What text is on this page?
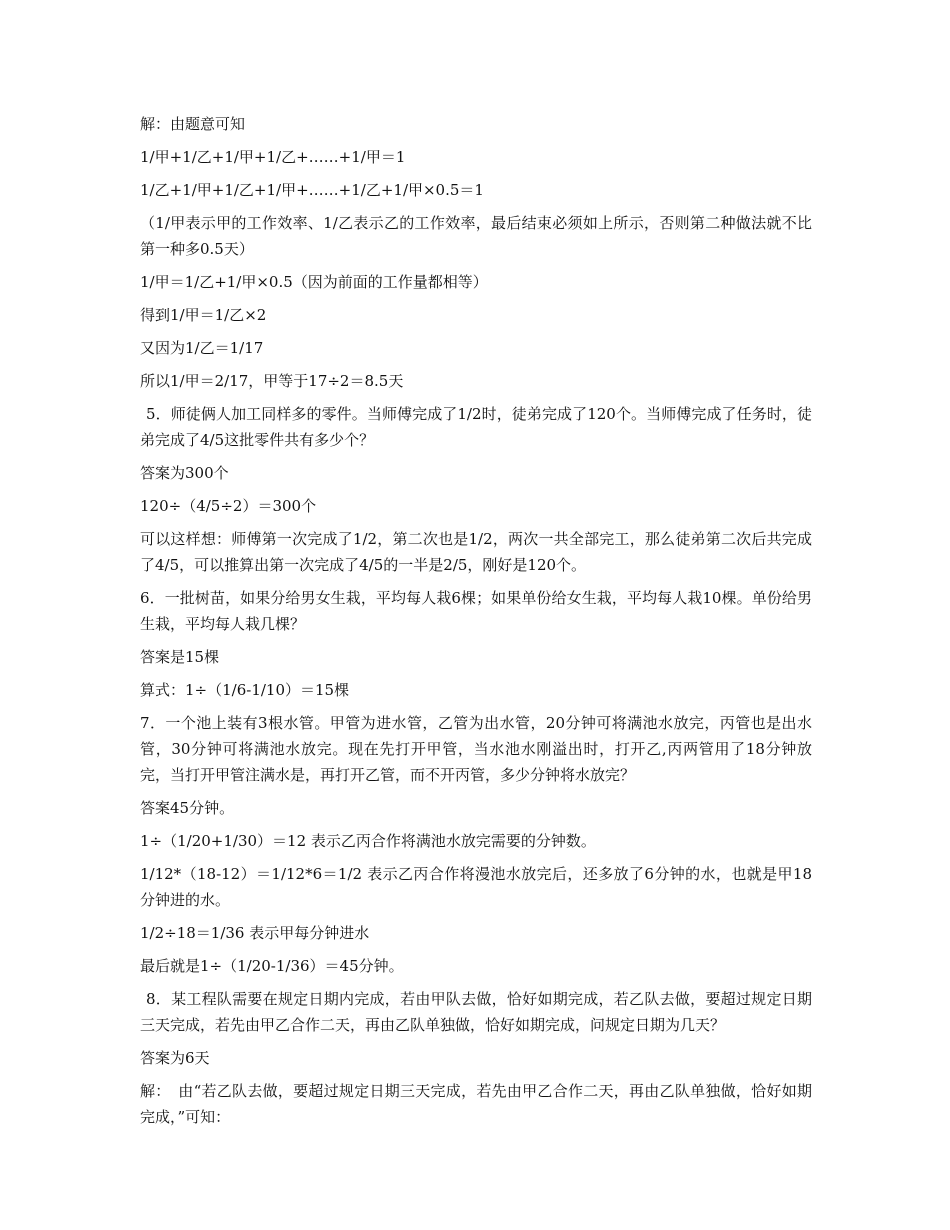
解：由题意可知

1/甲+1/乙+1/甲+1/乙+……+1/甲＝1

1/乙+1/甲+1/乙+1/甲+……+1/乙+1/甲×0.5＝1

（1/甲表示甲的工作效率、1/乙表示乙的工作效率，最后结束必须如上所示，否则第二种做法就不比第一种多0.5天）

1/甲＝1/乙+1/甲×0.5（因为前面的工作量都相等）

得到1/甲＝1/乙×2

又因为1/乙＝1/17

所以1/甲＝2/17，甲等于17÷2＝8.5天

5．师徒俩人加工同样多的零件。当师傅完成了1/2时，徒弟完成了120个。当师傅完成了任务时，徒弟完成了4/5这批零件共有多少个？

答案为300个

120÷（4/5÷2）＝300个

可以这样想：师傅第一次完成了1/2，第二次也是1/2，两次一共全部完工，那么徒弟第二次后共完成了4/5，可以推算出第一次完成了4/5的一半是2/5，刚好是120个。

6．一批树苗，如果分给男女生栽，平均每人栽6棵；如果单份给女生栽，平均每人栽10棵。单份给男生栽，平均每人栽几棵？

答案是15棵

算式：1÷（1/6-1/10）＝15棵

7．一个池上装有3根水管。甲管为进水管，乙管为出水管，20分钟可将满池水放完，丙管也是出水管，30分钟可将满池水放完。现在先打开甲管，当水池水刚溢出时，打开乙,丙两管用了18分钟放完，当打开甲管注满水是，再打开乙管，而不开丙管，多少分钟将水放完？

答案45分钟。

1÷（1/20+1/30）＝12 表示乙丙合作将满池水放完需要的分钟数。

1/12*（18-12）＝1/12*6＝1/2 表示乙丙合作将漫池水放完后，还多放了6分钟的水，也就是甲18分钟进的水。

1/2÷18＝1/36 表示甲每分钟进水

最后就是1÷（1/20-1/36）＝45分钟。

8．某工程队需要在规定日期内完成，若由甲队去做，恰好如期完成，若乙队去做，要超过规定日期三天完成，若先由甲乙合作二天，再由乙队单独做，恰好如期完成，问规定日期为几天？

答案为6天

解：　由“若乙队去做，要超过规定日期三天完成，若先由甲乙合作二天，再由乙队单独做，恰好如期完成，”可知：
